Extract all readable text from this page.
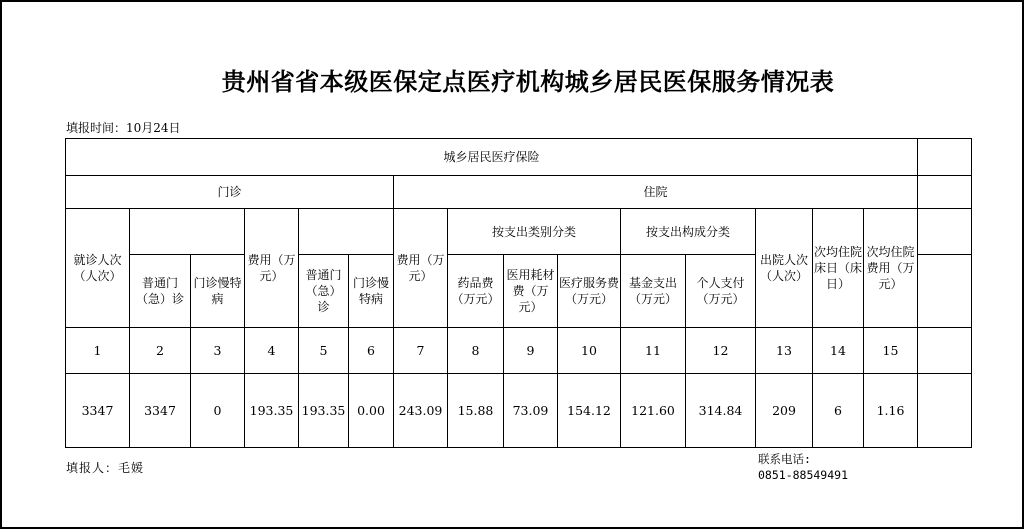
贵州省省本级医保定点医疗机构城乡居民医保服务情况表
填报时间：10月24日
城乡居民医疗保险															
门诊						住院									
就诊人次（人次）			费用（万元）			费用（万元）	按支出类别分类			按支出构成分类		出院人次（人次）	次均住院床日（床日）	次均住院费用（万元）	
	普通门（急）诊	门诊慢特病		普通门（急）诊	门诊慢特病		药品费（万元）	医用耗材费（万元）	医疗服务费（万元）	基金支出（万元）	个人支付（万元）				
1	2	3	4	5	6	7	8	9	10	11	12	13	14	15	
3347	3347	0	193.35	193.35	0.00	243.09	15.88	73.09	154.12	121.60	314.84	209	6	1.16	
填报人：毛媛
联系电话:
0851-88549491
